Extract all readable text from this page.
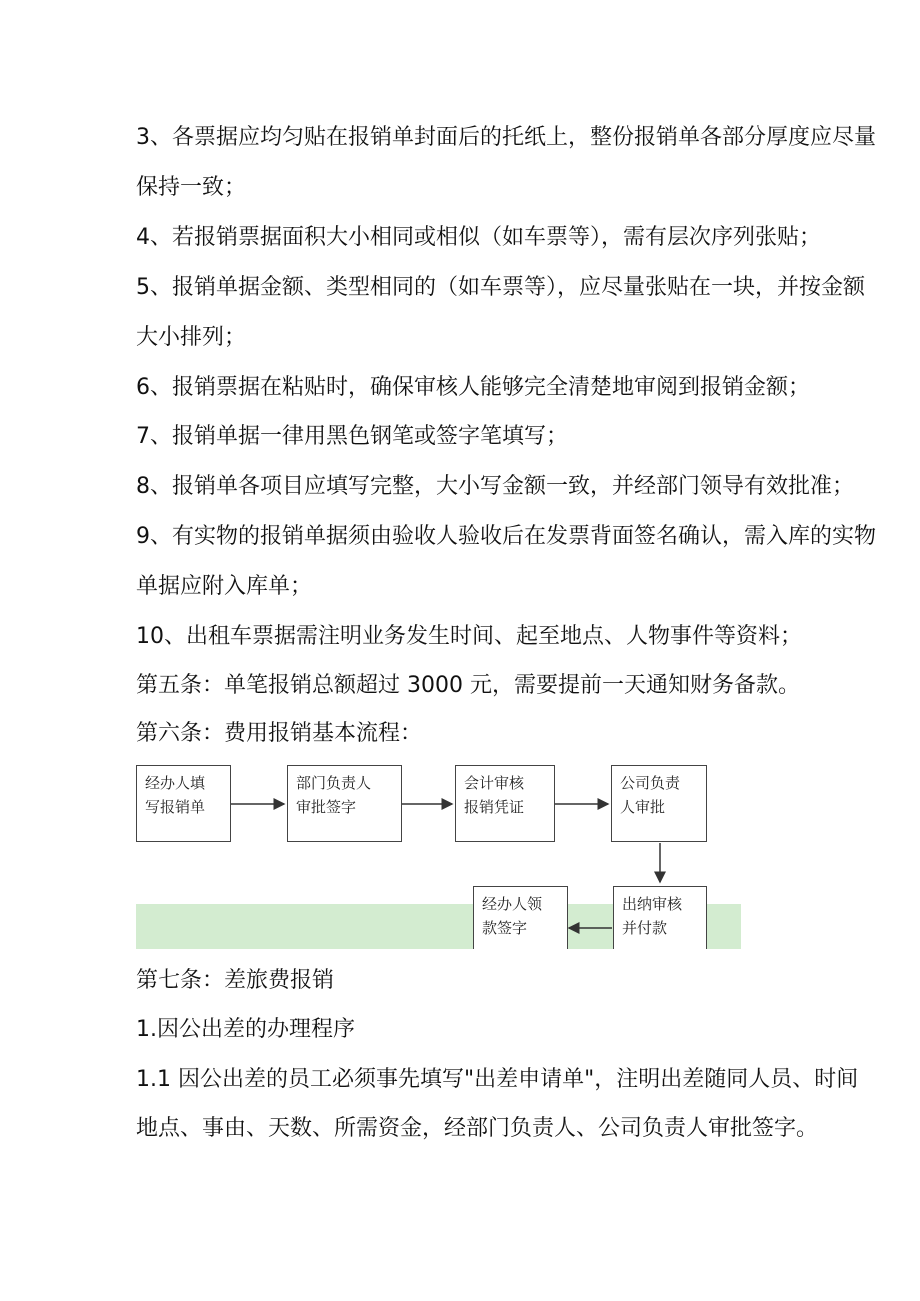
3、各票据应均匀贴在报销单封面后的托纸上，整份报销单各部分厚度应尽量
保持一致；
4、若报销票据面积大小相同或相似（如车票等），需有层次序列张贴；
5、报销单据金额、类型相同的（如车票等），应尽量张贴在一块，并按金额
大小排列；
6、报销票据在粘贴时，确保审核人能够完全清楚地审阅到报销金额；
7、报销单据一律用黑色钢笔或签字笔填写；
8、报销单各项目应填写完整，大小写金额一致，并经部门领导有效批准；
9、有实物的报销单据须由验收人验收后在发票背面签名确认，需入库的实物
单据应附入库单；
10、出租车票据需注明业务发生时间、起至地点、人物事件等资料；
第五条：单笔报销总额超过 3000 元，需要提前一天通知财务备款。
第六条：费用报销基本流程：
经办人填
写报销单
部门负责人
审批签字
会计审核
报销凭证
公司负责
人审批
出纳审核
并付款
经办人领
款签字
第七条：差旅费报销
1.因公出差的办理程序
1.1 因公出差的员工必须事先填写"出差申请单"，注明出差随同人员、时间
地点、事由、天数、所需资金，经部门负责人、公司负责人审批签字。
